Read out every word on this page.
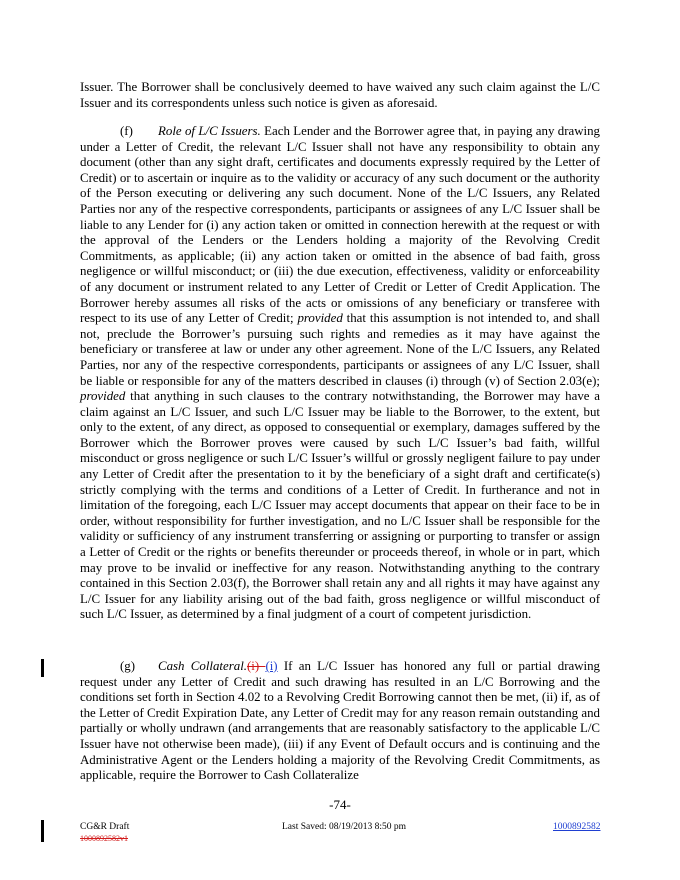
Issuer. The Borrower shall be conclusively deemed to have waived any such claim against the L/C Issuer and its correspondents unless such notice is given as aforesaid.

(f) Role of L/C Issuers. Each Lender and the Borrower agree that, in paying any drawing under a Letter of Credit, the relevant L/C Issuer shall not have any responsibility to obtain any document (other than any sight draft, certificates and documents expressly required by the Letter of Credit) or to ascertain or inquire as to the validity or accuracy of any such document or the authority of the Person executing or delivering any such document. None of the L/C Issuers, any Related Parties nor any of the respective correspondents, participants or assignees of any L/C Issuer shall be liable to any Lender for (i) any action taken or omitted in connection herewith at the request or with the approval of the Lenders or the Lenders holding a majority of the Revolving Credit Commitments, as applicable; (ii) any action taken or omitted in the absence of bad faith, gross negligence or willful misconduct; or (iii) the due execution, effectiveness, validity or enforceability of any document or instrument related to any Letter of Credit or Letter of Credit Application. The Borrower hereby assumes all risks of the acts or omissions of any beneficiary or transferee with respect to its use of any Letter of Credit; provided that this assumption is not intended to, and shall not, preclude the Borrower’s pursuing such rights and remedies as it may have against the beneficiary or transferee at law or under any other agreement. None of the L/C Issuers, any Related Parties, nor any of the respective correspondents, participants or assignees of any L/C Issuer, shall be liable or responsible for any of the matters described in clauses (i) through (v) of Section 2.03(e); provided that anything in such clauses to the contrary notwithstanding, the Borrower may have a claim against an L/C Issuer, and such L/C Issuer may be liable to the Borrower, to the extent, but only to the extent, of any direct, as opposed to consequential or exemplary, damages suffered by the Borrower which the Borrower proves were caused by such L/C Issuer’s bad faith, willful misconduct or gross negligence or such L/C Issuer’s willful or grossly negligent failure to pay under any Letter of Credit after the presentation to it by the beneficiary of a sight draft and certificate(s) strictly complying with the terms and conditions of a Letter of Credit. In furtherance and not in limitation of the foregoing, each L/C Issuer may accept documents that appear on their face to be in order, without responsibility for further investigation, and no L/C Issuer shall be responsible for the validity or sufficiency of any instrument transferring or assigning or purporting to transfer or assign a Letter of Credit or the rights or benefits thereunder or proceeds thereof, in whole or in part, which may prove to be invalid or ineffective for any reason. Notwithstanding anything to the contrary contained in this Section 2.03(f), the Borrower shall retain any and all rights it may have against any L/C Issuer for any liability arising out of the bad faith, gross negligence or willful misconduct of such L/C Issuer, as determined by a final judgment of a court of competent jurisdiction.

(g) Cash Collateral.(i) (i) If an L/C Issuer has honored any full or partial drawing request under any Letter of Credit and such drawing has resulted in an L/C Borrowing and the conditions set forth in Section 4.02 to a Revolving Credit Borrowing cannot then be met, (ii) if, as of the Letter of Credit Expiration Date, any Letter of Credit may for any reason remain outstanding and partially or wholly undrawn (and arrangements that are reasonably satisfactory to the applicable L/C Issuer have not otherwise been made), (iii) if any Event of Default occurs and is continuing and the Administrative Agent or the Lenders holding a majority of the Revolving Credit Commitments, as applicable, require the Borrower to Cash Collateralize

-74-
CG&R Draft
1000892582v1
Last Saved: 08/19/2013 8:50 pm	1000892582
